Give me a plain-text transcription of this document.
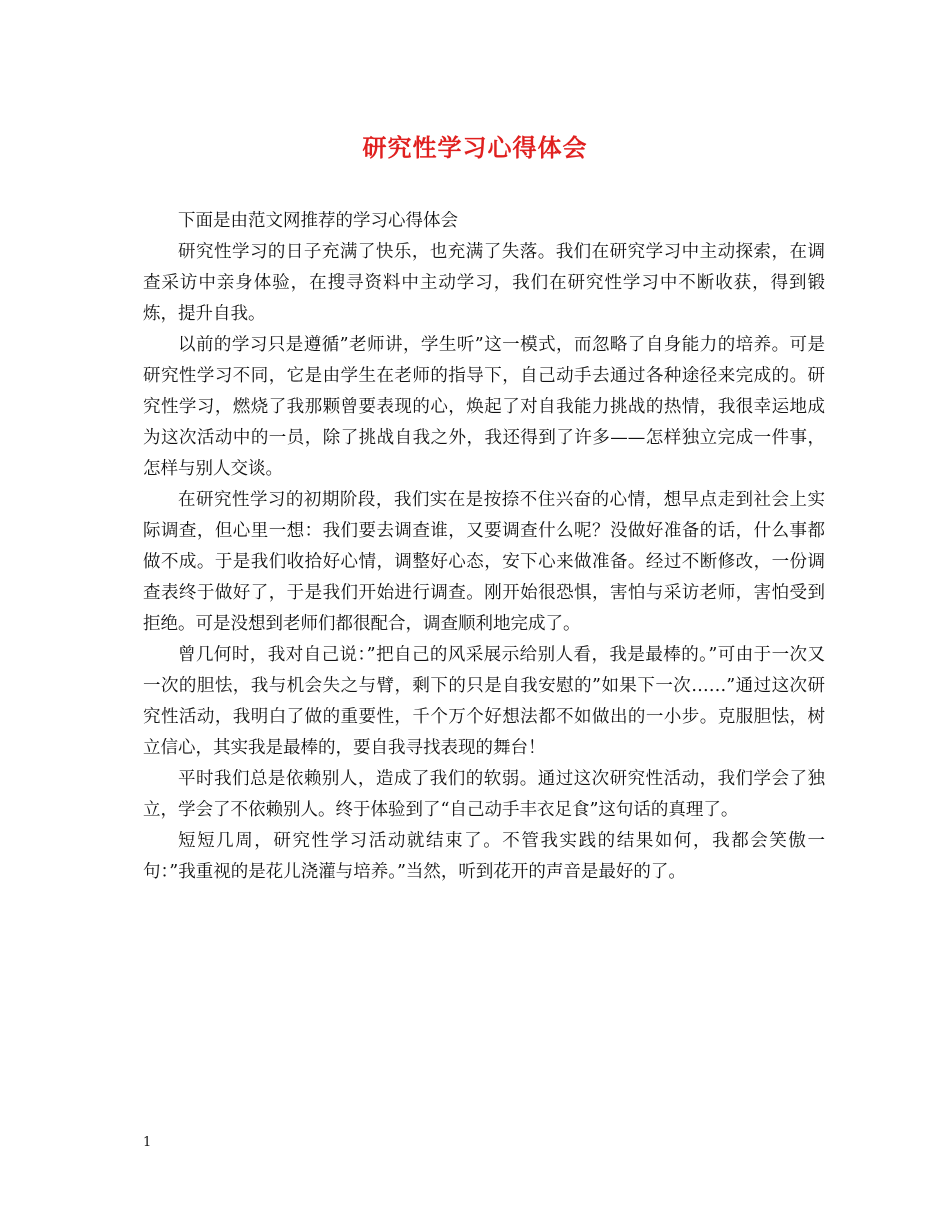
研究性学习心得体会

下面是由范文网推荐的学习心得体会

研究性学习的日子充满了快乐，也充满了失落。我们在研究学习中主动探索，在调查采访中亲身体验，在搜寻资料中主动学习，我们在研究性学习中不断收获，得到锻炼，提升自我。

以前的学习只是遵循”老师讲，学生听”这一模式，而忽略了自身能力的培养。可是研究性学习不同，它是由学生在老师的指导下，自己动手去通过各种途径来完成的。研究性学习，燃烧了我那颗曾要表现的心，焕起了对自我能力挑战的热情，我很幸运地成为这次活动中的一员，除了挑战自我之外，我还得到了许多——怎样独立完成一件事，怎样与别人交谈。

在研究性学习的初期阶段，我们实在是按捺不住兴奋的心情，想早点走到社会上实际调查，但心里一想：我们要去调查谁，又要调查什么呢？没做好准备的话，什么事都做不成。于是我们收拾好心情，调整好心态，安下心来做准备。经过不断修改，一份调查表终于做好了，于是我们开始进行调查。刚开始很恐惧，害怕与采访老师，害怕受到拒绝。可是没想到老师们都很配合，调查顺利地完成了。

曾几何时，我对自己说：”把自己的风采展示给别人看，我是最棒的。”可由于一次又一次的胆怯，我与机会失之与臂，剩下的只是自我安慰的”如果下一次……”通过这次研究性活动，我明白了做的重要性，千个万个好想法都不如做出的一小步。克服胆怯，树立信心，其实我是最棒的，要自我寻找表现的舞台！

平时我们总是依赖别人，造成了我们的软弱。通过这次研究性活动，我们学会了独立，学会了不依赖别人。终于体验到了“自己动手丰衣足食”这句话的真理了。

短短几周，研究性学习活动就结束了。不管我实践的结果如何，我都会笑傲一句：”我重视的是花儿浇灌与培养。”当然，听到花开的声音是最好的了。

1
